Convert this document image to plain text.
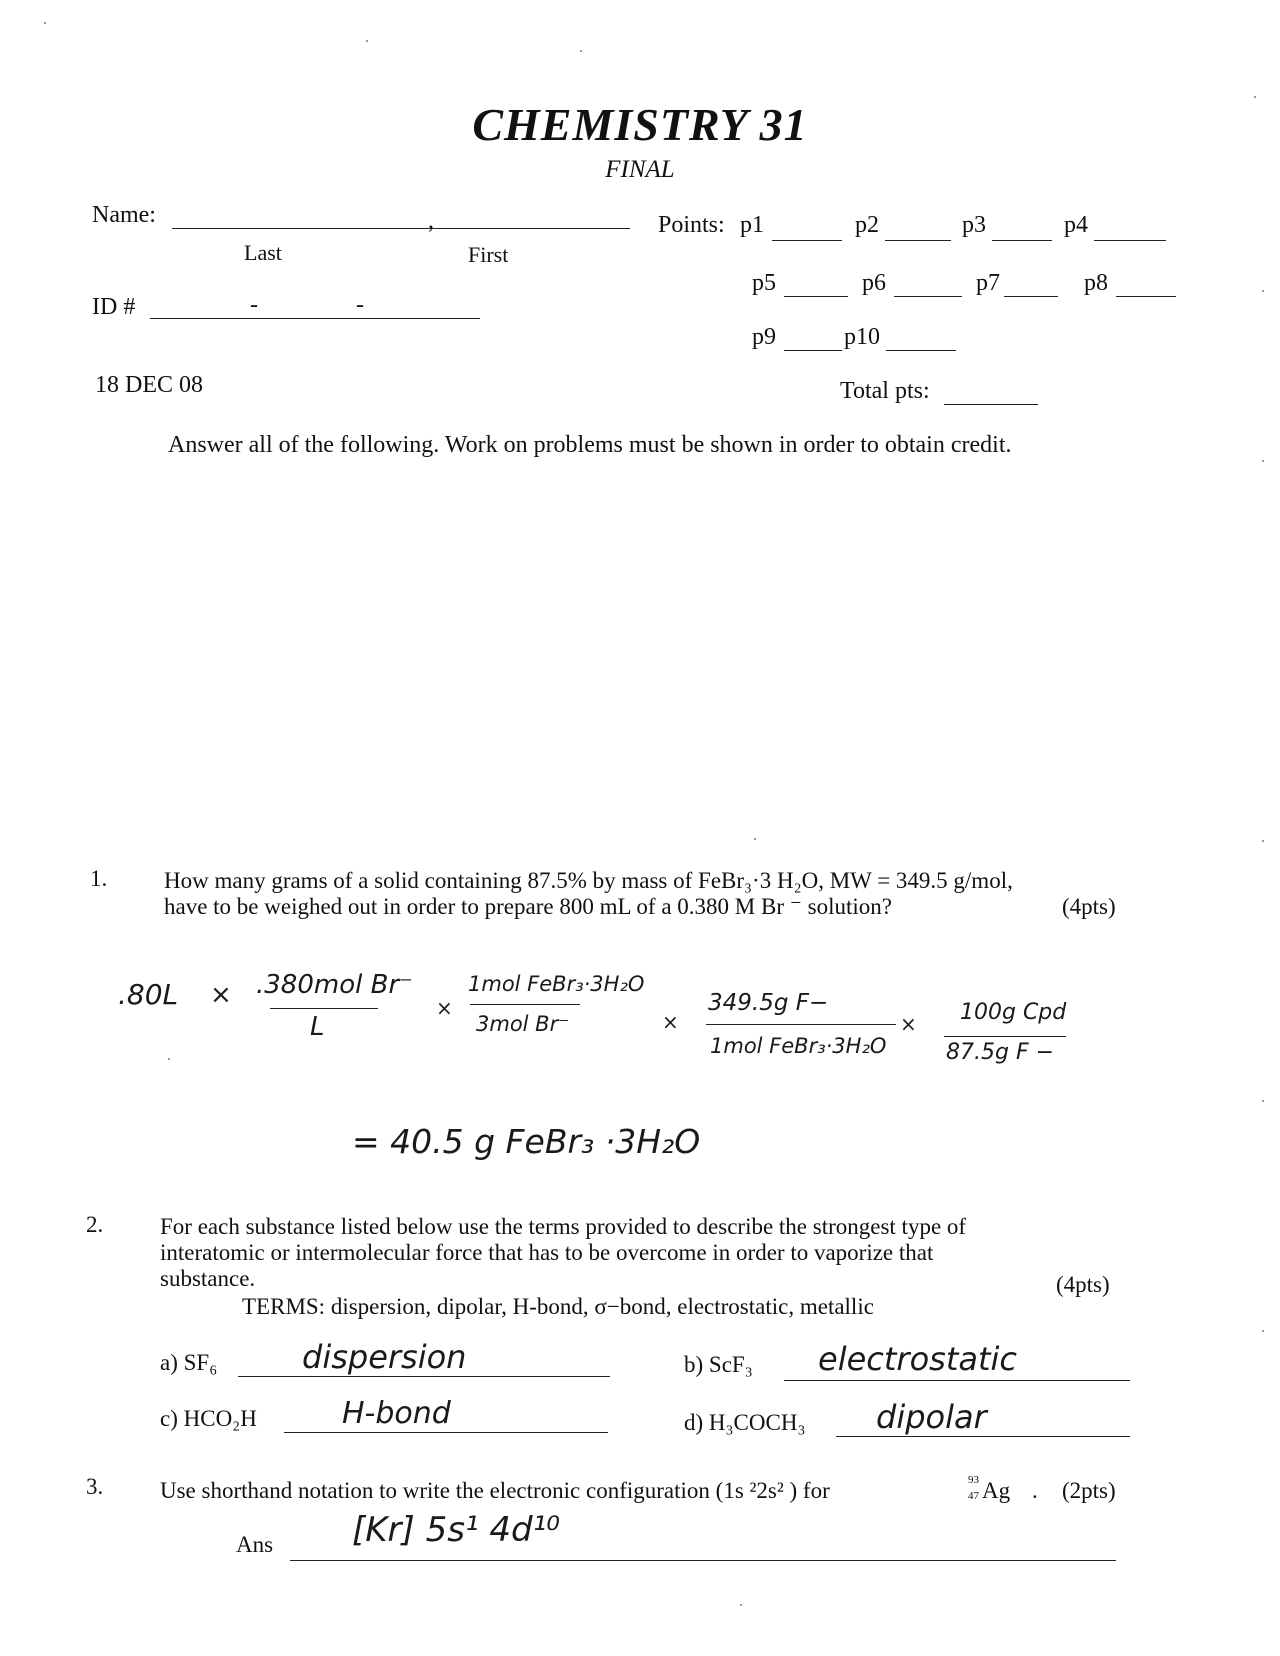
CHEMISTRY 31
FINAL
Name:	,
Last	First
ID #	-	-
Points: p1	p2	p3	p4
p5	p6	p7	p8
p9	p10
18 DEC 08	Total pts:
Answer all of the following. Work on problems must be shown in order to obtain credit.
1. How many grams of a solid containing 87.5% by mass of FeBr₃·3 H₂O, MW = 349.5 g/mol,
have to be weighed out in order to prepare 800 mL of a 0.380 M Br ⁻ solution?	(4pts)
.80L × .380mol Br⁻
L
×
1mol FeBr₃·3H₂O
3mol Br⁻	×
349.5g F−
1mol FeBr₃·3H₂O
× 100g Cpd
87.5g F −
= 40.5 g FeBr₃ ·3H₂O
2. For each substance listed below use the terms provided to describe the strongest type of
interatomic or intermolecular force that has to be overcome in order to vaporize that
substance.	(4pts)
TERMS: dispersion, dipolar, H-bond, σ−bond, electrostatic, metallic
a) SF₆	dispersion	b) ScF₃ electrostatic
c) HCO₂H	H-bond	d) H₃COCH₃ dipolar
3. Use shorthand notation to write the electronic configuration (1s ²2s² ) for	93
47 Ag . (2pts)
Ans [Kr] 5s¹ 4d¹⁰
